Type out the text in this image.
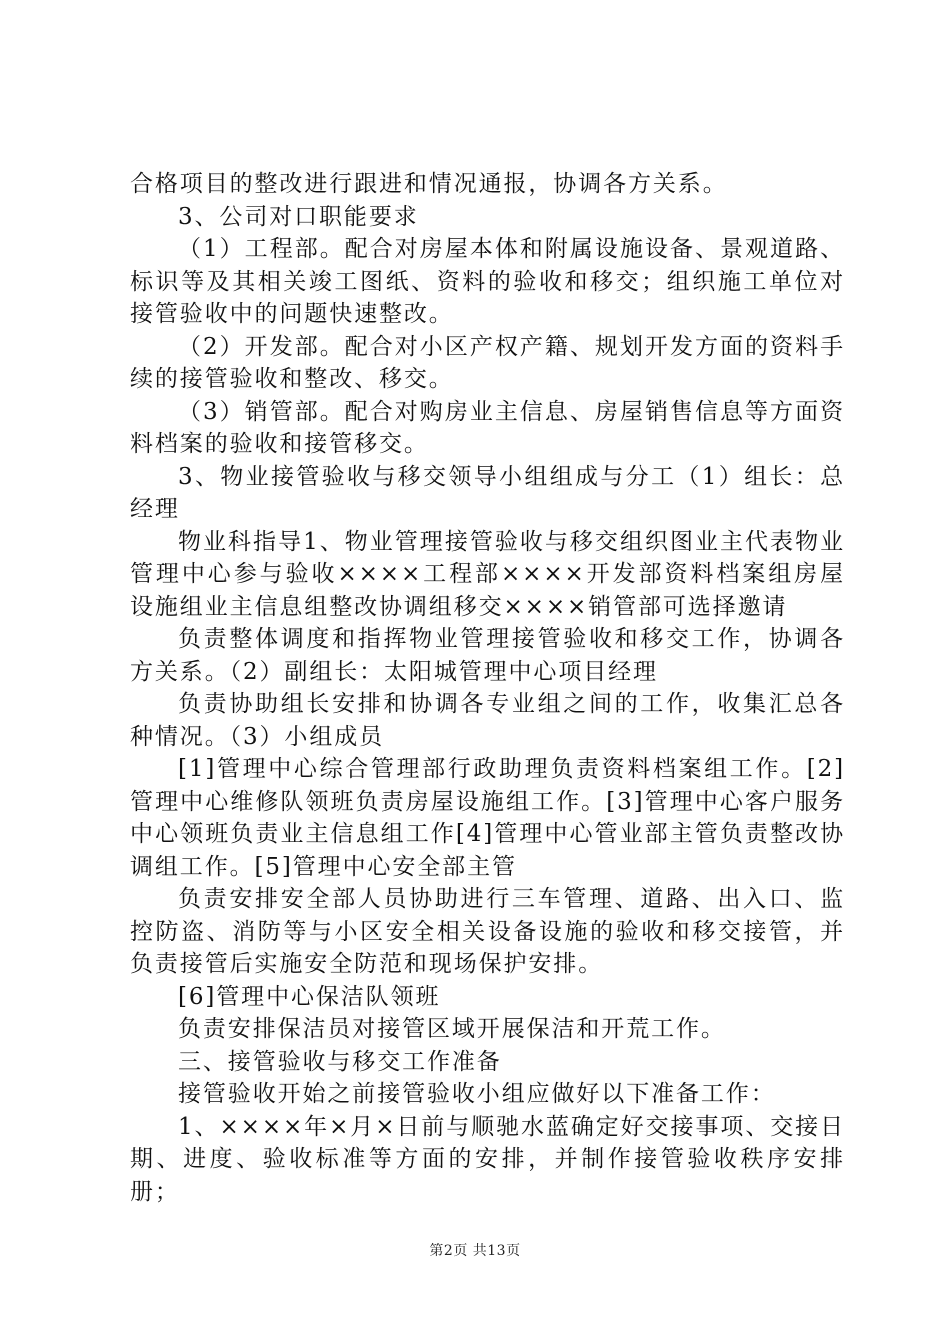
合格项目的整改进行跟进和情况通报，协调各方关系。

3、公司对口职能要求

（1）工程部。配合对房屋本体和附属设施设备、景观道路、标识等及其相关竣工图纸、资料的验收和移交；组织施工单位对接管验收中的问题快速整改。

（2）开发部。配合对小区产权产籍、规划开发方面的资料手续的接管验收和整改、移交。

（3）销管部。配合对购房业主信息、房屋销售信息等方面资料档案的验收和接管移交。

3、物业接管验收与移交领导小组组成与分工（1）组长：总经理

物业科指导1、物业管理接管验收与移交组织图业主代表物业管理中心参与验收××××工程部××××开发部资料档案组房屋设施组业主信息组整改协调组移交××××销管部可选择邀请

负责整体调度和指挥物业管理接管验收和移交工作，协调各方关系。（2）副组长：太阳城管理中心项目经理

负责协助组长安排和协调各专业组之间的工作，收集汇总各种情况。（3）小组成员

[1]管理中心综合管理部行政助理负责资料档案组工作。[2]管理中心维修队领班负责房屋设施组工作。[3]管理中心客户服务中心领班负责业主信息组工作[4]管理中心管业部主管负责整改协调组工作。[5]管理中心安全部主管

负责安排安全部人员协助进行三车管理、道路、出入口、监控防盗、消防等与小区安全相关设备设施的验收和移交接管，并负责接管后实施安全防范和现场保护安排。

[6]管理中心保洁队领班

负责安排保洁员对接管区域开展保洁和开荒工作。

三、接管验收与移交工作准备

接管验收开始之前接管验收小组应做好以下准备工作：

1、××××年×月×日前与顺驰水蓝确定好交接事项、交接日期、进度、验收标准等方面的安排，并制作接管验收秩序安排册；

第2页 共13页
